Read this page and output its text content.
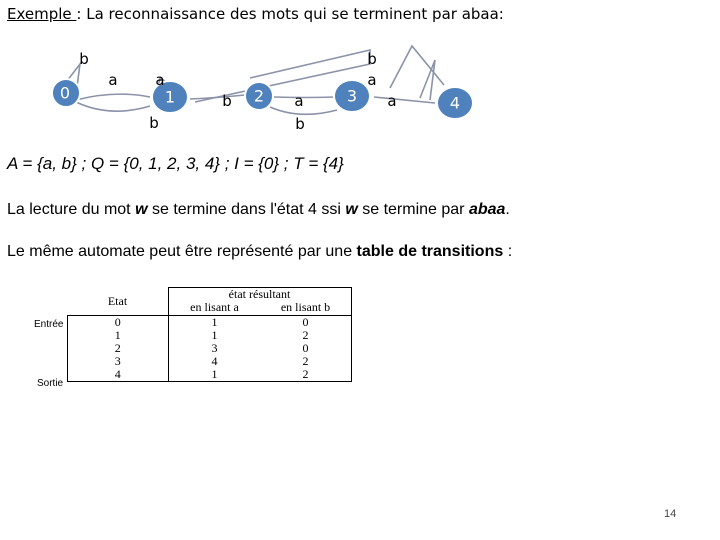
Exemple : La reconnaissance des mots qui se terminent par abaa:
0	1	2	3	4
b
a	a
b
b	a
b
b
a
a
A = {a, b} ; Q = {0, 1, 2, 3, 4} ; I = {0} ; T = {4}
La lecture du mot w se termine dans l'état 4 ssi w se termine par abaa.
Le même automate peut être représenté par une table de transitions :
Etat	état résultant	
	en lisant a	en lisant b
0	1	0
1	1	2
2	3	0
3	4	2
4	1	2
Entrée
Sortie
14
